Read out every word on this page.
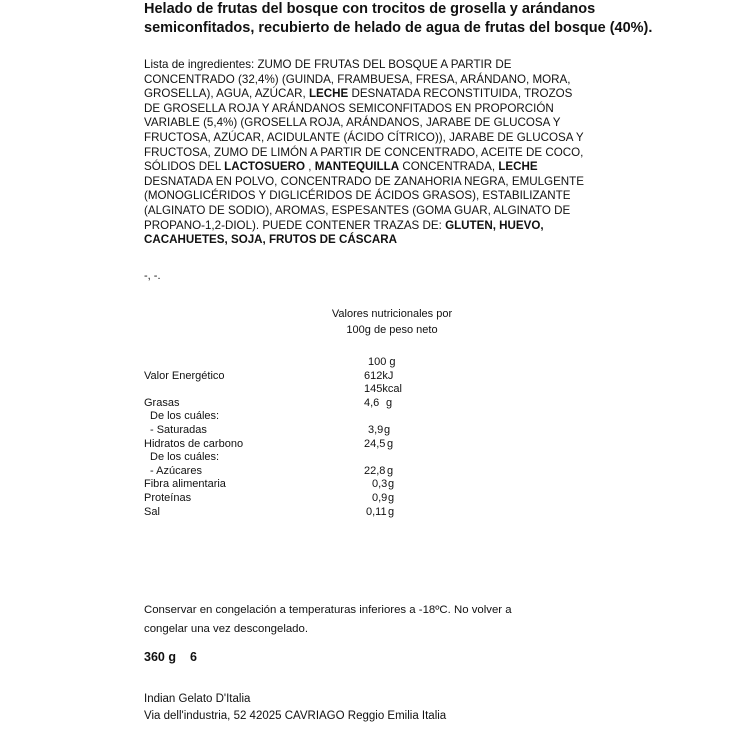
Helado de frutas del bosque con trocitos de grosella y arándanos semiconfitados, recubierto de helado de agua de frutas del bosque (40%).
Lista de ingredientes: ZUMO DE FRUTAS DEL BOSQUE A PARTIR DE CONCENTRADO (32,4%) (GUINDA, FRAMBUESA, FRESA, ARÁNDANO, MORA, GROSELLA), AGUA, AZÚCAR, LECHE DESNATADA RECONSTITUIDA, TROZOS DE GROSELLA ROJA Y ARÁNDANOS SEMICONFITADOS EN PROPORCIÓN VARIABLE (5,4%) (GROSELLA ROJA, ARÁNDANOS, JARABE DE GLUCOSA Y FRUCTOSA, AZÚCAR, ACIDULANTE (ÁCIDO CÍTRICO)), JARABE DE GLUCOSA Y FRUCTOSA, ZUMO DE LIMÓN A PARTIR DE CONCENTRADO, ACEITE DE COCO, SÓLIDOS DEL LACTOSUERO , MANTEQUILLA CONCENTRADA, LECHE DESNATADA EN POLVO, CONCENTRADO DE ZANAHORIA NEGRA, EMULGENTE (MONOGLICÉRIDOS Y DIGLICÉRIDOS DE ÁCIDOS GRASOS), ESTABILIZANTE (ALGINATO DE SODIO), AROMAS, ESPESANTES (GOMA GUAR, ALGINATO DE PROPANO-1,2-DIOL). PUEDE CONTENER TRAZAS DE: GLUTEN, HUEVO, CACAHUETES, SOJA, FRUTOS DE CÁSCARA
-, -.
Valores nutricionales por
100g de peso neto
100 g
Valor Energético	612kJ
145kcal
Grasas	4,6 g
De los cuáles:
- Saturadas	3,9 g
Hidratos de carbono	24,5 g
De los cuáles:
- Azúcares	22,8 g
Fibra alimentaria	0,3 g
Proteínas	0,9 g
Sal	0,11 g
Conservar en congelación a temperaturas inferiores a -18ºC. No volver a congelar una vez descongelado.
360 g 6
Indian Gelato D'Italia
Via dell'industria, 52 42025 CAVRIAGO Reggio Emilia Italia
